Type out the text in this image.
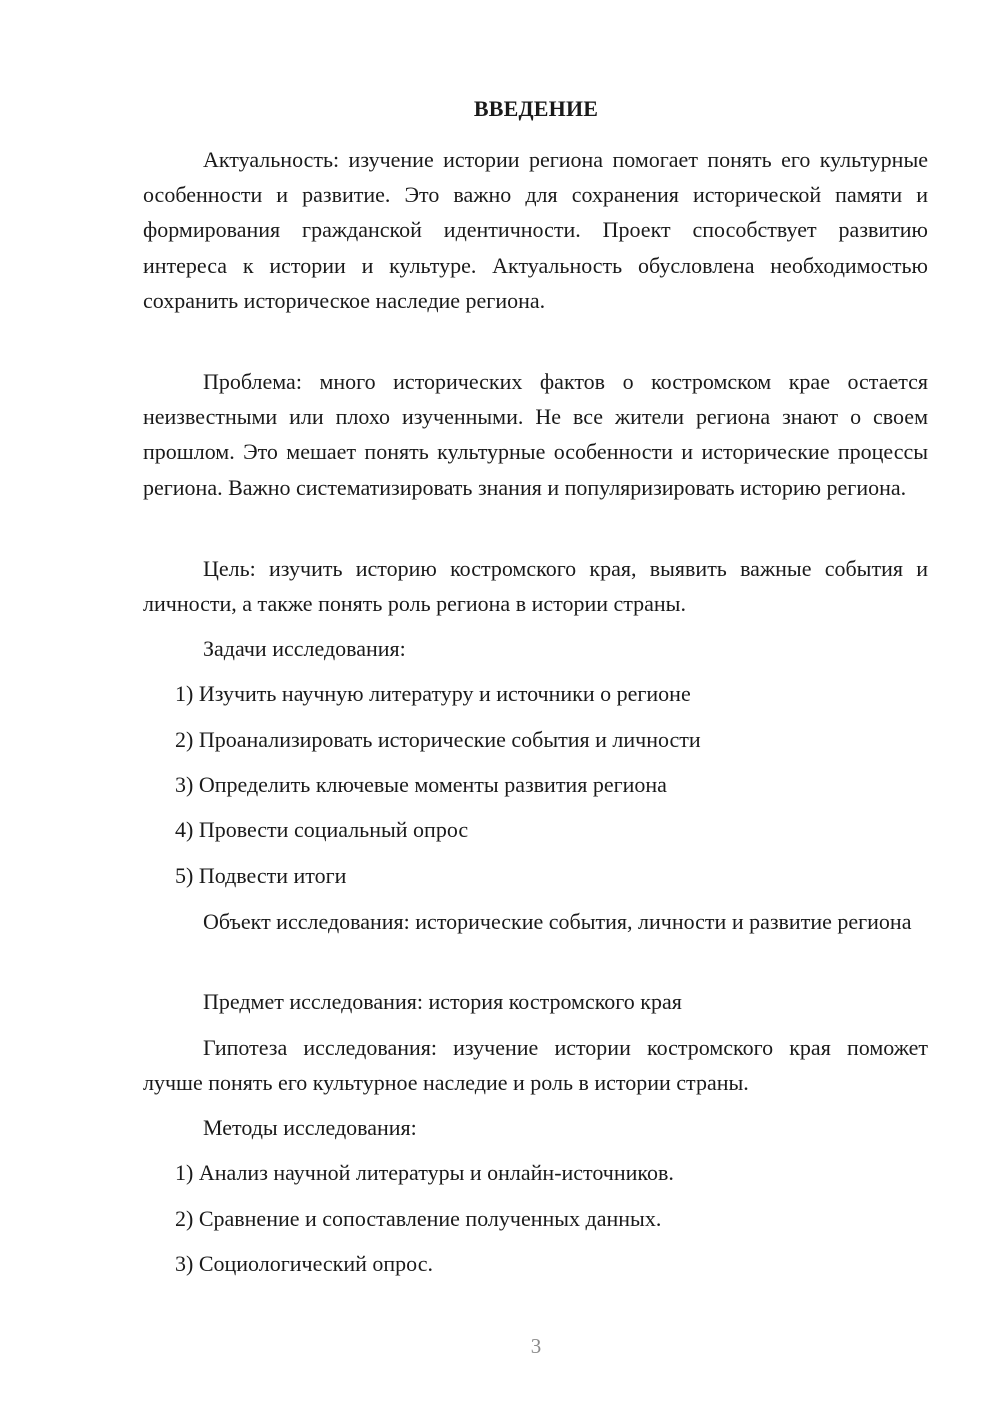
ВВЕДЕНИЕ

Актуальность: изучение истории региона помогает понять его культурные особенности и развитие. Это важно для сохранения исторической памяти и формирования гражданской идентичности. Проект способствует развитию интереса к истории и культуре. Актуальность обусловлена необходимостью сохранить историческое наследие региона.

Проблема: много исторических фактов о костромском крае остается неизвестными или плохо изученными. Не все жители региона знают о своем прошлом. Это мешает понять культурные особенности и исторические процессы региона. Важно систематизировать знания и популяризировать историю региона.

Цель: изучить историю костромского края, выявить важные события и личности, а также понять роль региона в истории страны.

Задачи исследования:

1) Изучить научную литературу и источники о регионе

2) Проанализировать исторические события и личности

3) Определить ключевые моменты развития региона

4) Провести социальный опрос

5) Подвести итоги

Объект исследования: исторические события, личности и развитие региона

Предмет исследования: история костромского края

Гипотеза исследования: изучение истории костромского края поможет лучше понять его культурное наследие и роль в истории страны.

Методы исследования:

1) Анализ научной литературы и онлайн-источников.

2) Сравнение и сопоставление полученных данных.

3) Социологический опрос.

3
